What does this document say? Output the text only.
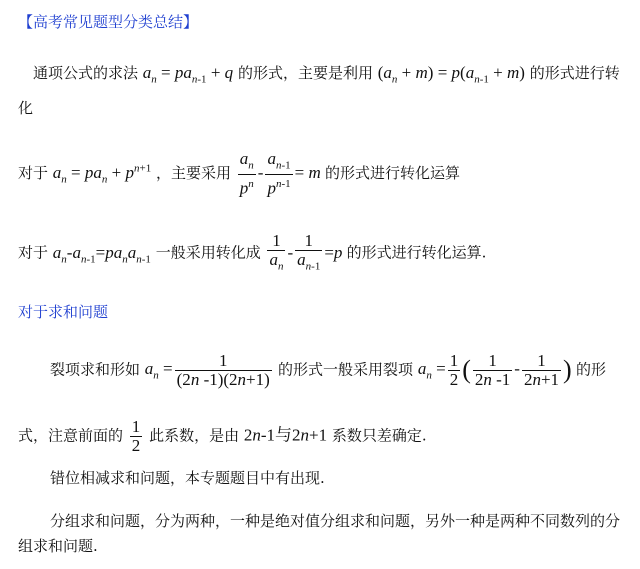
【高考常见题型分类总结】
通项公式的求法 $a_n = pa_{n-1} + q$ 的形式，主要是利用 $(a_n + m) = p(a_{n-1} + m)$ 的形式进行转
化
对于 $a_n = pa_n + p^{n+1}$ ，主要采用 $\frac{a_n}{p^n} - \frac{a_{n-1}}{p^{n-1}} = m$ 的形式进行转化运算
对于 $a_n-a_{n-1}=pa_na_{n-1}$ 一般采用转化成 $\frac{1}{a_n} - \frac{1}{a_{n-1}} =p$ 的形式进行转化运算.
对于求和问题
裂项求和形如 $a_n = \frac{1}{(2n -1)(2n+1)}$ 的形式一般采用裂项 $a_n = \frac{1}{2}$ ( $\frac{1}{2n -1} - \frac{1}{2n+1}$ ) 的形
式，注意前面的 $\frac{1}{2}$ 此系数，是由 2n-1与2n+1 系数只差确定.
错位相减求和问题，本专题题目中有出现.
分组求和问题，分为两种，一种是绝对值分组求和问题，另外一种是两种不同数列的分
组求和问题.
